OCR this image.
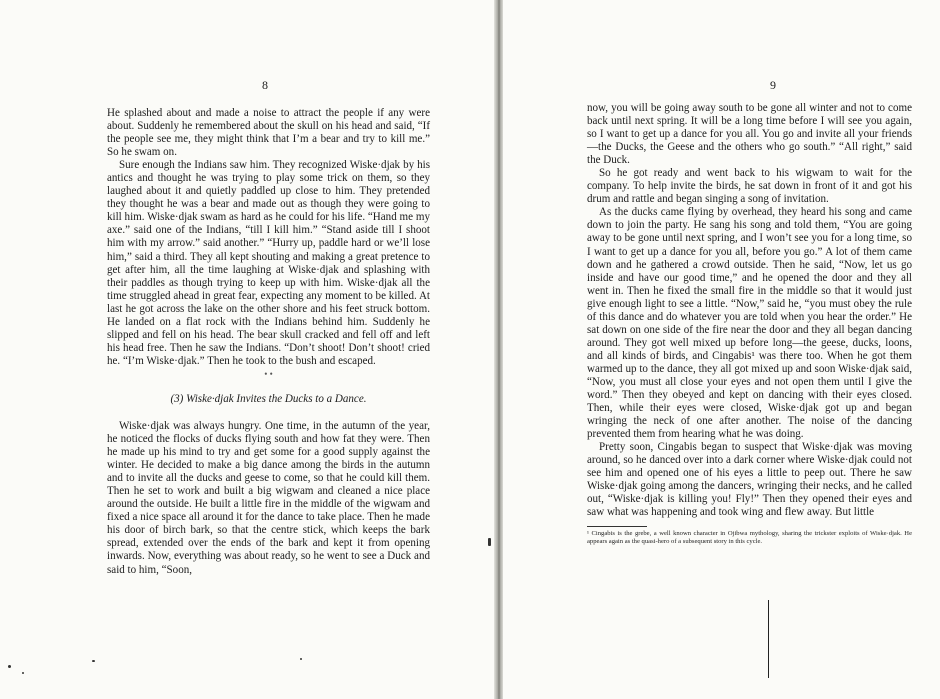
8

He splashed about and made a noise to attract the people if any were about. Suddenly he remembered about the skull on his head and said, “If the people see me, they might think that I’m a bear and try to kill me.” So he swam on.

Sure enough the Indians saw him. They recognized Wiske·djak by his antics and thought he was trying to play some trick on them, so they laughed about it and quietly paddled up close to him. They pretended they thought he was a bear and made out as though they were going to kill him. Wiske·djak swam as hard as he could for his life. “Hand me my axe.” said one of the Indians, “till I kill him.” “Stand aside till I shoot him with my arrow.” said another.” “Hurry up, paddle hard or we’ll lose him,” said a third. They all kept shouting and making a great pretence to get after him, all the time laughing at Wiske·djak and splashing with their paddles as though trying to keep up with him. Wiske·djak all the time struggled ahead in great fear, expecting any moment to be killed. At last he got across the lake on the other shore and his feet struck bottom. He landed on a flat rock with the Indians behind him. Suddenly he slipped and fell on his head. The bear skull cracked and fell off and left his head free. Then he saw the Indians. “Don’t shoot! Don’t shoot! cried he. “I’m Wiske·djak.” Then he took to the bush and escaped.

• •

(3) Wiske·djak Invites the Ducks to a Dance.

Wiske·djak was always hungry. One time, in the autumn of the year, he noticed the flocks of ducks flying south and how fat they were. Then he made up his mind to try and get some for a good supply against the winter. He decided to make a big dance among the birds in the autumn and to invite all the ducks and geese to come, so that he could kill them. Then he set to work and built a big wigwam and cleaned a nice place around the outside. He built a little fire in the middle of the wigwam and fixed a nice space all around it for the dance to take place. Then he made his door of birch bark, so that the centre stick, which keeps the bark spread, extended over the ends of the bark and kept it from opening inwards. Now, everything was about ready, so he went to see a Duck and said to him, “Soon,

9

now, you will be going away south to be gone all winter and not to come back until next spring. It will be a long time before I will see you again, so I want to get up a dance for you all. You go and invite all your friends—the Ducks, the Geese and the others who go south.” “All right,” said the Duck.

So he got ready and went back to his wigwam to wait for the company. To help invite the birds, he sat down in front of it and got his drum and rattle and began singing a song of invitation.

As the ducks came flying by overhead, they heard his song and came down to join the party. He sang his song and told them, “You are going away to be gone until next spring, and I won’t see you for a long time, so I want to get up a dance for you all, before you go.” A lot of them came down and he gathered a crowd outside. Then he said, “Now, let us go inside and have our good time,” and he opened the door and they all went in. Then he fixed the small fire in the middle so that it would just give enough light to see a little. “Now,” said he, “you must obey the rule of this dance and do whatever you are told when you hear the order.” He sat down on one side of the fire near the door and they all began dancing around. They got well mixed up before long—the geese, ducks, loons, and all kinds of birds, and Cingabis¹ was there too. When he got them warmed up to the dance, they all got mixed up and soon Wiske·djak said, “Now, you must all close your eyes and not open them until I give the word.” Then they obeyed and kept on dancing with their eyes closed. Then, while their eyes were closed, Wiske·djak got up and began wringing the neck of one after another. The noise of the dancing prevented them from hearing what he was doing.

Pretty soon, Cingabis began to suspect that Wiske·djak was moving around, so he danced over into a dark corner where Wiske·djak could not see him and opened one of his eyes a little to peep out. There he saw Wiske·djak going among the dancers, wringing their necks, and he called out, “Wiske·djak is killing you! Fly!” Then they opened their eyes and saw what was happening and took wing and flew away. But little

¹ Cingabis is the grebe, a well known character in Ojibwa mythology, sharing the trickster exploits of Wiske·djak. He appears again as the quasi-hero of a subsequent story in this cycle.
